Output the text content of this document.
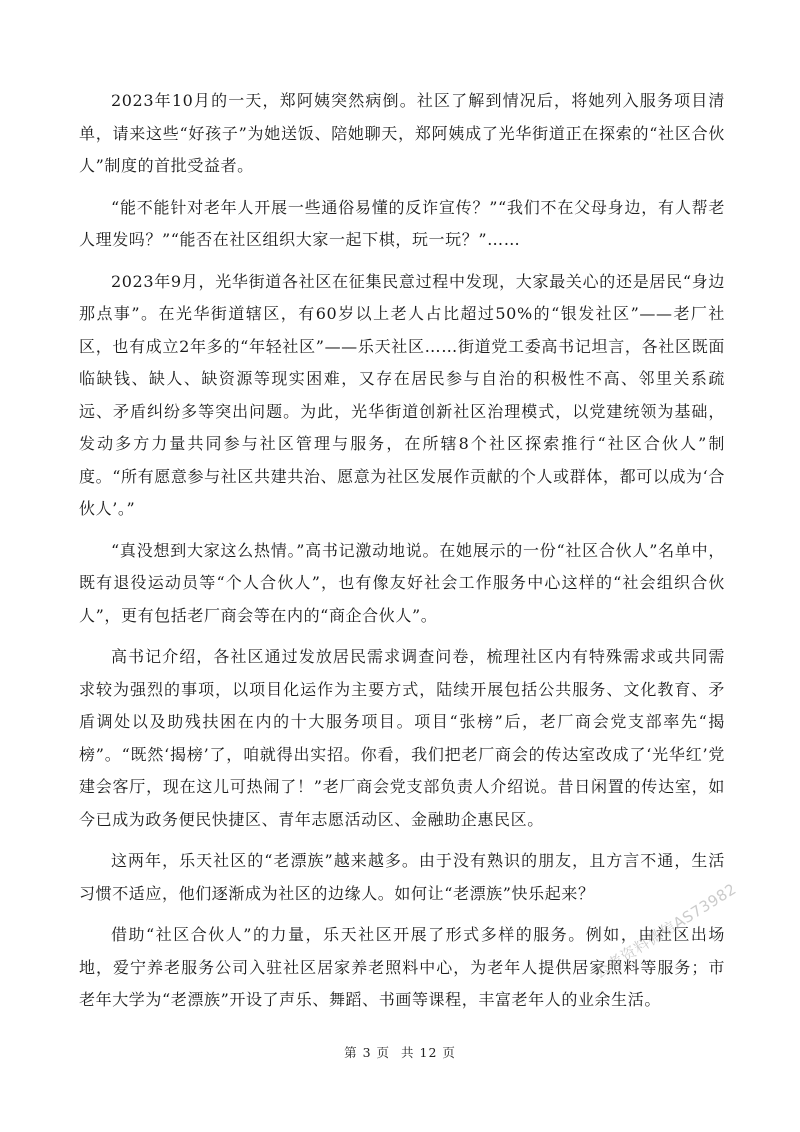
2023年10月的一天，郑阿姨突然病倒。社区了解到情况后，将她列入服务项目清单，请来这些“好孩子”为她送饭、陪她聊天，郑阿姨成了光华街道正在探索的“社区合伙人”制度的首批受益者。

“能不能针对老年人开展一些通俗易懂的反诈宣传？”“我们不在父母身边，有人帮老人理发吗？”“能否在社区组织大家一起下棋，玩一玩？”……

2023年9月，光华街道各社区在征集民意过程中发现，大家最关心的还是居民“身边那点事”。在光华街道辖区，有60岁以上老人占比超过50%的“银发社区”——老厂社区，也有成立2年多的“年轻社区”——乐天社区……街道党工委高书记坦言，各社区既面临缺钱、缺人、缺资源等现实困难，又存在居民参与自治的积极性不高、邻里关系疏远、矛盾纠纷多等突出问题。为此，光华街道创新社区治理模式，以党建统领为基础，发动多方力量共同参与社区管理与服务，在所辖8个社区探索推行“社区合伙人”制度。“所有愿意参与社区共建共治、愿意为社区发展作贡献的个人或群体，都可以成为‘合伙人’。”

“真没想到大家这么热情。”高书记激动地说。在她展示的一份“社区合伙人”名单中，既有退役运动员等“个人合伙人”，也有像友好社会工作服务中心这样的“社会组织合伙人”，更有包括老厂商会等在内的“商企合伙人”。

高书记介绍，各社区通过发放居民需求调查问卷，梳理社区内有特殊需求或共同需求较为强烈的事项，以项目化运作为主要方式，陆续开展包括公共服务、文化教育、矛盾调处以及助残扶困在内的十大服务项目。项目“张榜”后，老厂商会党支部率先“揭榜”。“既然‘揭榜’了，咱就得出实招。你看，我们把老厂商会的传达室改成了‘光华红’党建会客厅，现在这儿可热闹了！”老厂商会党支部负责人介绍说。昔日闲置的传达室，如今已成为政务便民快捷区、青年志愿活动区、金融助企惠民区。

这两年，乐天社区的“老漂族”越来越多。由于没有熟识的朋友，且方言不通，生活习惯不适应，他们逐渐成为社区的边缘人。如何让“老漂族”快乐起来？

借助“社区合伙人”的力量，乐天社区开展了形式多样的服务。例如，由社区出场地，爱宁养老服务公司入驻社区居家养老照料中心，为老年人提供居家照料等服务；市老年大学为“老漂族”开设了声乐、舞蹈、书画等课程，丰富老年人的业余生活。

公考资料微信AS73982
第 3 页 共 12 页
